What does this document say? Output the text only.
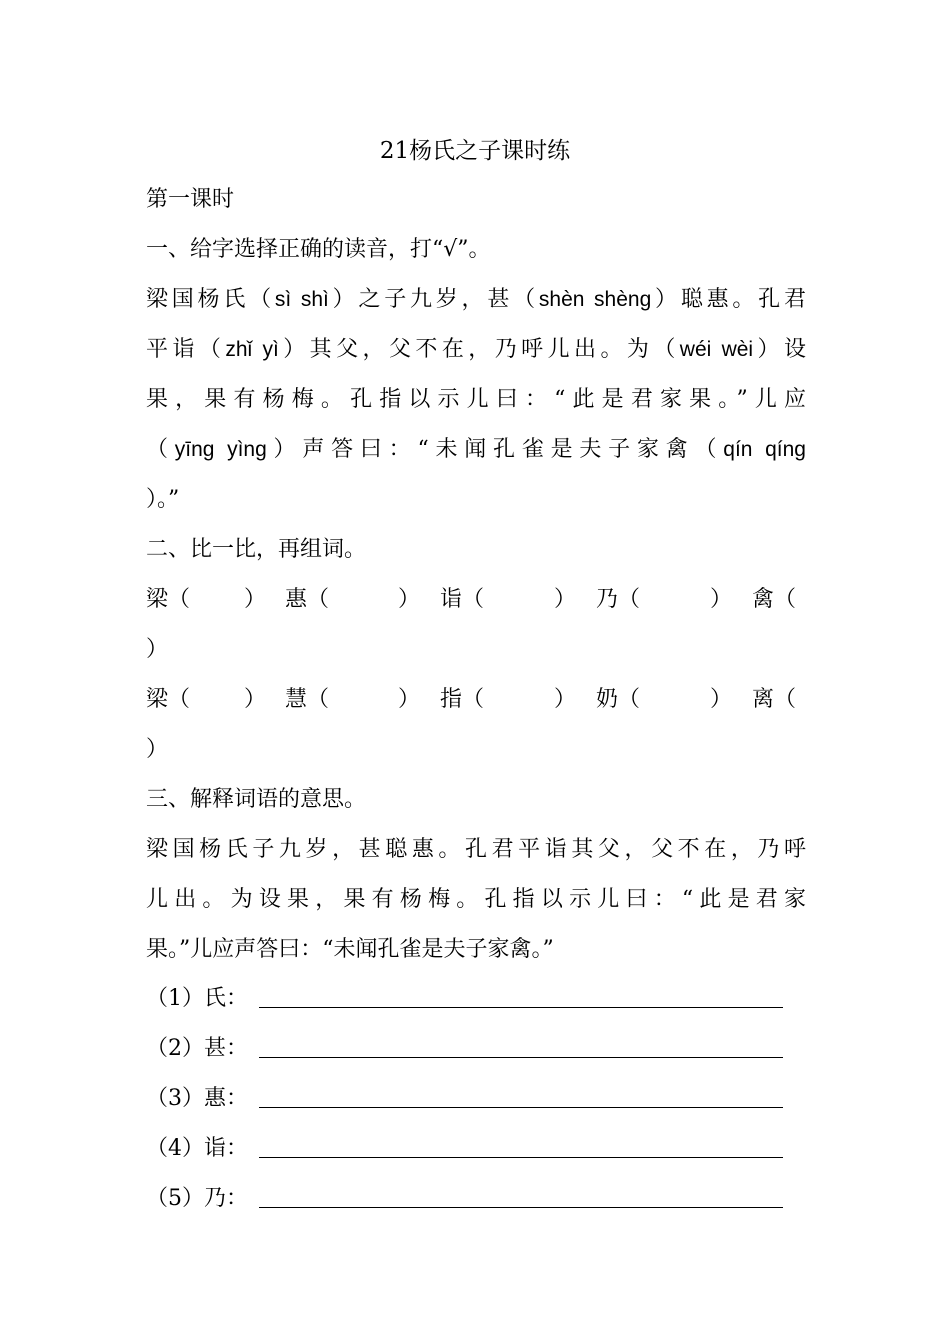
21杨氏之子课时练
第一课时
一、给字选择正确的读音，打“√”。
梁国杨氏（sì shì）之子九岁，甚（shèn shèng）聪惠。孔君
平诣（zhǐ yì）其父，父不在，乃呼儿出。为（wéi wèi）设
果，果有杨梅。孔指以示儿曰：“此是君家果。”儿应
（yīng yìng）声答曰：“未闻孔雀是夫子家禽（qín qíng
）。”
二、比一比，再组词。
梁（ ） 惠（	） 诣（	） 乃（	） 禽（
）
梁（ ） 慧（	） 指（	） 奶（	） 离（
）
三、解释词语的意思。
梁国杨氏子九岁，甚聪惠。孔君平诣其父，父不在，乃呼
儿出。为设果，果有杨梅。孔指以示儿曰：“此是君家
果。”儿应声答曰：“未闻孔雀是夫子家禽。”
（1）氏：
（2）甚：
（3）惠：
（4）诣：
（5）乃：
